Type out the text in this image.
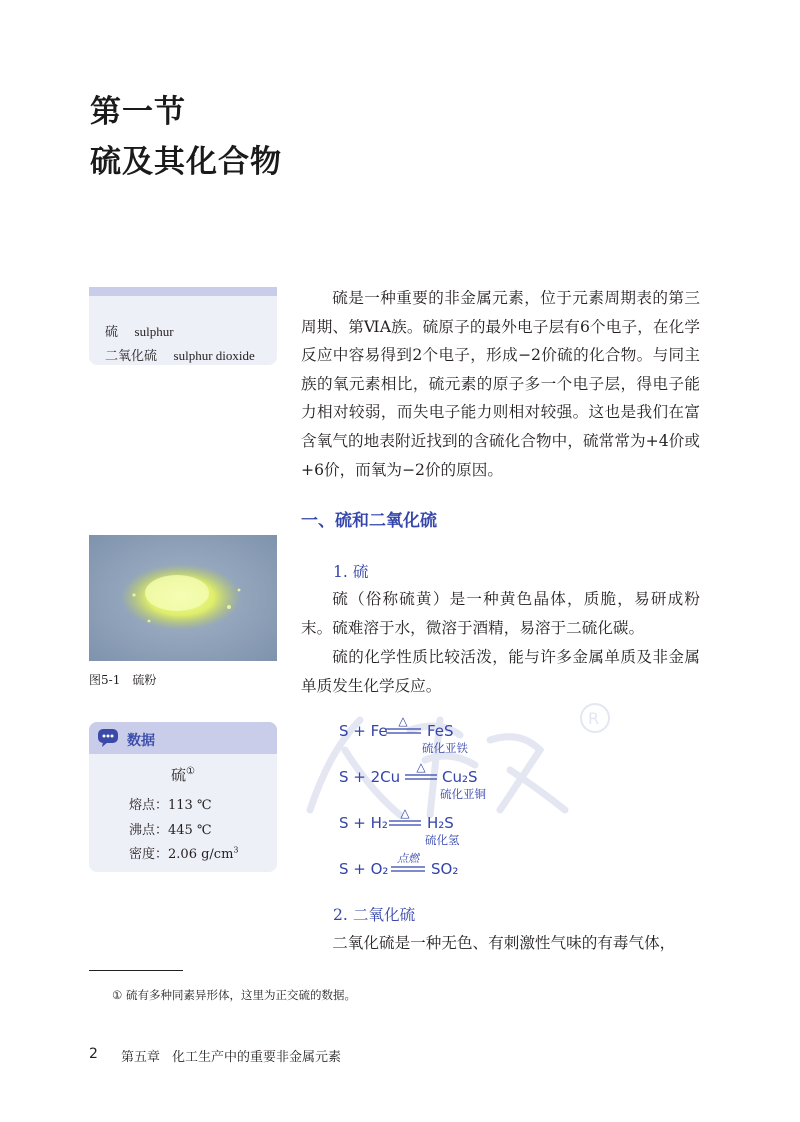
第一节
硫及其化合物
硫 sulphur
二氧化硫 sulphur dioxide
图5-1　硫粉
数据
硫①
熔点：113 ℃
沸点：445 ℃
密度：2.06 $g/cm^3$
硫是一种重要的非金属元素，位于元素周期表的第三周期、第ⅥA族。硫原子的最外电子层有6个电子，在化学反应中容易得到2个电子，形成−2价硫的化合物。与同主族的氧元素相比，硫元素的原子多一个电子层，得电子能力相对较弱，而失电子能力则相对较强。这也是我们在富含氧气的地表附近找到的含硫化合物中，硫常常为+4价或+6价，而氧为−2价的原因。
一、硫和二氧化硫
1. 硫
硫（俗称硫黄）是一种黄色晶体，质脆，易研成粉末。硫难溶于水，微溶于酒精，易溶于二硫化碳。
硫的化学性质比较活泼，能与许多金属单质及非金属单质发生化学反应。
R
S + Fe
△
FeS
硫化亚铁
S + 2Cu
△
Cu₂S
硫化亚铜
S + H₂
△
H₂S
硫化氢
S + O₂
点燃
SO₂
2. 二氧化硫
二氧化硫是一种无色、有刺激性气味的有毒气体，
① 硫有多种同素异形体，这里为正交硫的数据。
2 第五章 化工生产中的重要非金属元素
